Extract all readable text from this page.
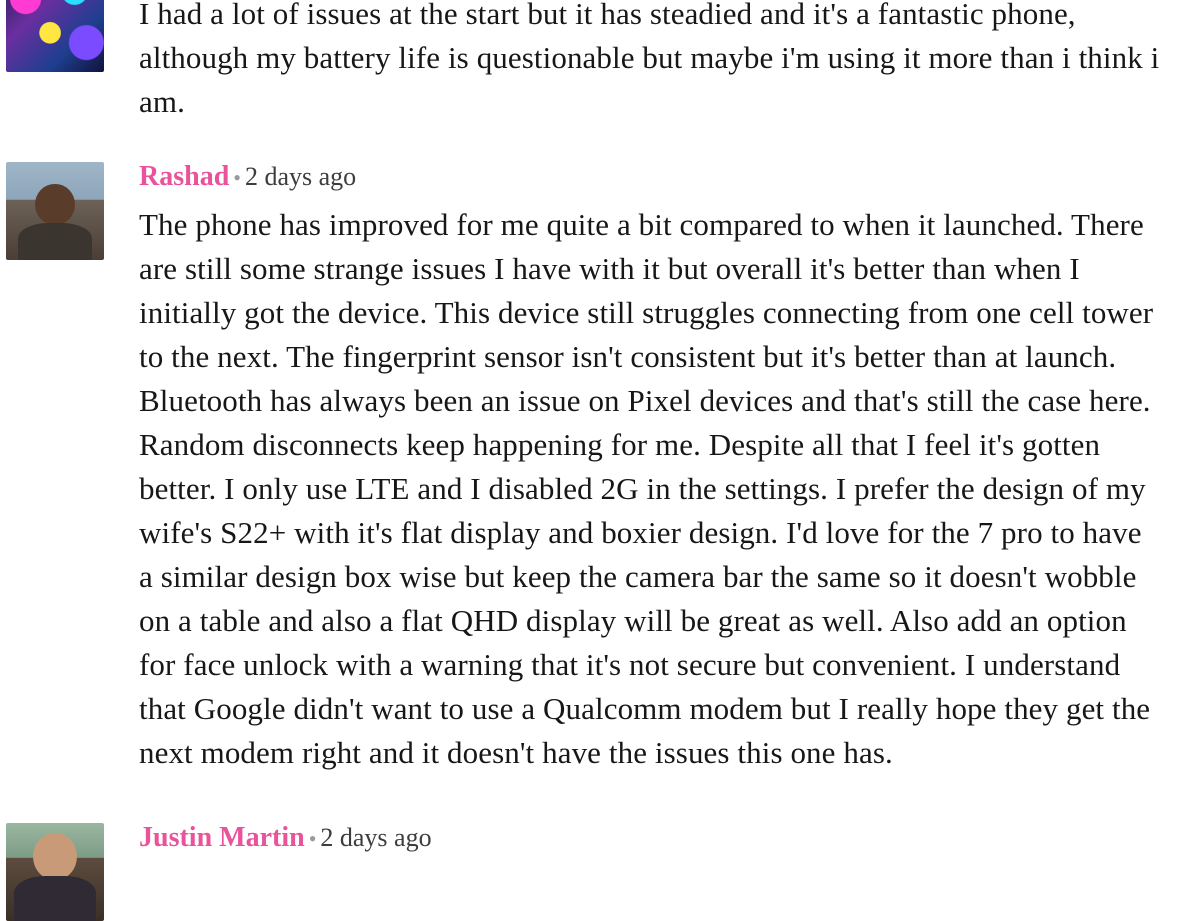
I had a lot of issues at the start but it has steadied and it's a fantastic phone, although my battery life is questionable but maybe i'm using it more than i think i am.

Rashad • 2 days ago

The phone has improved for me quite a bit compared to when it launched. There are still some strange issues I have with it but overall it's better than when I initially got the device. This device still struggles connecting from one cell tower to the next. The fingerprint sensor isn't consistent but it's better than at launch. Bluetooth has always been an issue on Pixel devices and that's still the case here. Random disconnects keep happening for me. Despite all that I feel it's gotten better. I only use LTE and I disabled 2G in the settings. I prefer the design of my wife's S22+ with it's flat display and boxier design. I'd love for the 7 pro to have a similar design box wise but keep the camera bar the same so it doesn't wobble on a table and also a flat QHD display will be great as well. Also add an option for face unlock with a warning that it's not secure but convenient. I understand that Google didn't want to use a Qualcomm modem but I really hope they get the next modem right and it doesn't have the issues this one has.

Justin Martin • 2 days ago
